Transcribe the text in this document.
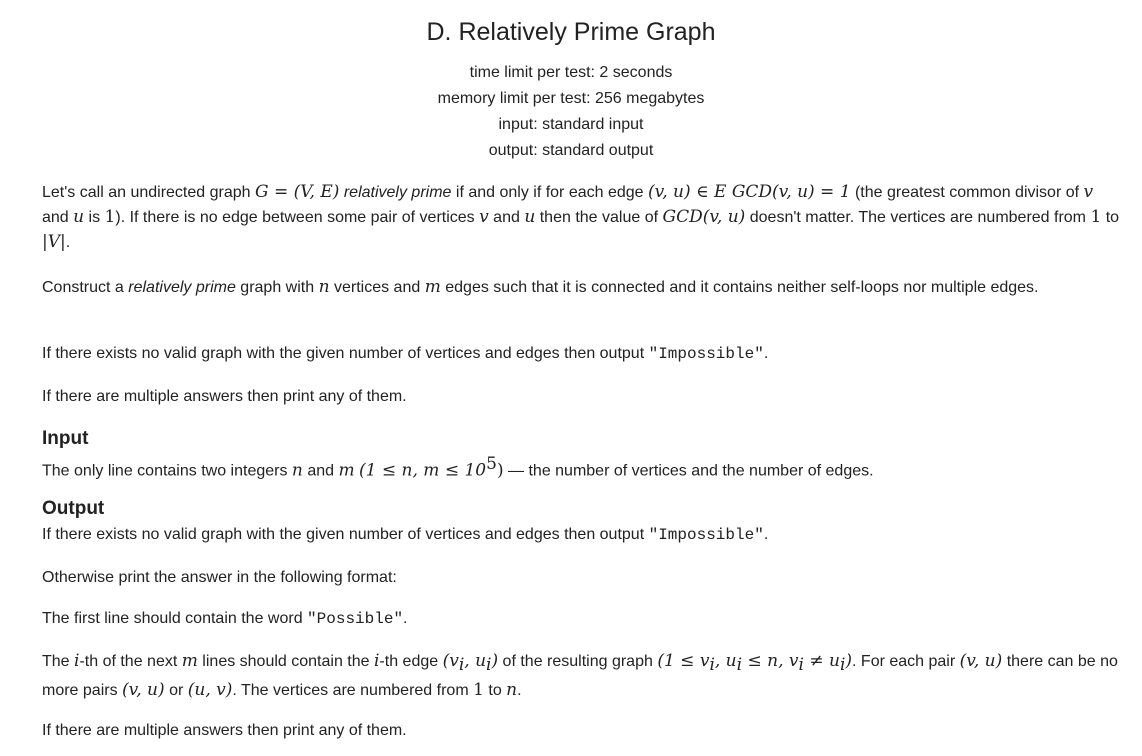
D. Relatively Prime Graph
time limit per test: 2 seconds
memory limit per test: 256 megabytes
input: standard input
output: standard output

Let's call an undirected graph G = (V, E) relatively prime if and only if for each edge (v, u) ∈ E GCD(v, u) = 1 (the greatest common divisor of v and u is 1). If there is no edge between some pair of vertices v and u then the value of GCD(v, u) doesn't matter. The vertices are numbered from 1 to |V|.

Construct a relatively prime graph with n vertices and m edges such that it is connected and it contains neither self-loops nor multiple edges.

If there exists no valid graph with the given number of vertices and edges then output "Impossible".

If there are multiple answers then print any of them.

Input

The only line contains two integers n and m (1 ≤ n, $m \le 10^5$) — the number of vertices and the number of edges.

Output

If there exists no valid graph with the given number of vertices and edges then output "Impossible".

Otherwise print the answer in the following format:

The first line should contain the word "Possible".

The i-th of the next m lines should contain the i-th edge ($v_i$, $u_i$) of the resulting graph ($1 \le v_i$, $u_i \le n$, $v_i \ne u_i$). For each pair (v, u) there can be no more pairs (v, u) or (u, v). The vertices are numbered from 1 to n.

If there are multiple answers then print any of them.
